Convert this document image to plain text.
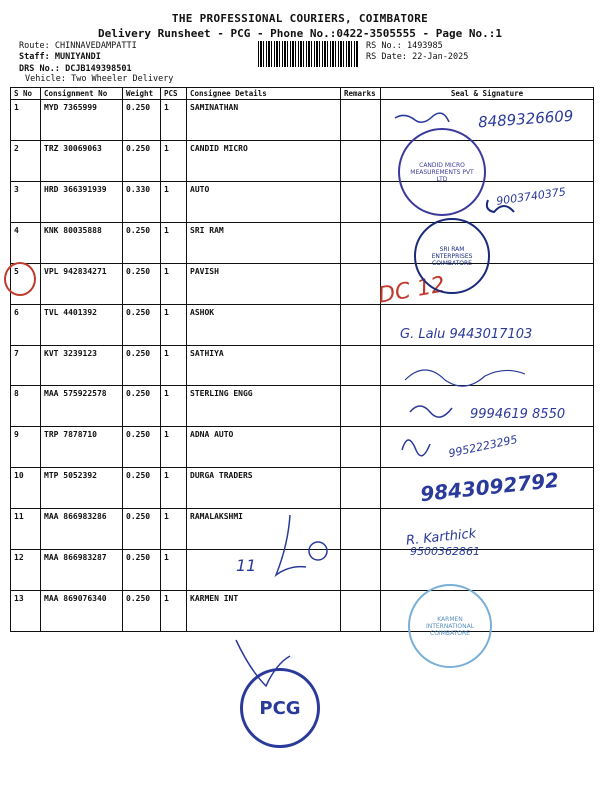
THE PROFESSIONAL COURIERS, COIMBATORE
Delivery Runsheet - PCG - Phone No.:0422-3505555 - Page No.:1
Route: CHINNAVEDAMPATTI
Staff: MUNIYANDI
DRS No.: DCJB149398501
Vehicle: Two Wheeler Delivery
RS No.: 1493985
RS Date: 22-Jan-2025
S No	Consignment No	Weight	PCS	Consignee Details	Remarks	Seal & Signature
1	MYD 7365999	0.250	1	SAMINATHAN		
2	TRZ 30069063	0.250	1	CANDID MICRO		
3	HRD 366391939	0.330	1	AUTO		
4	KNK 80035888	0.250	1	SRI RAM		
5	VPL 942834271	0.250	1	PAVISH		
6	TVL 4401392	0.250	1	ASHOK		
7	KVT 3239123	0.250	1	SATHIYA		
8	MAA 575922578	0.250	1	STERLING ENGG		
9	TRP 7878710	0.250	1	ADNA AUTO		
10	MTP 5052392	0.250	1	DURGA TRADERS		
11	MAA 866983286	0.250	1	RAMALAKSHMI		
12	MAA 866983287	0.250	1			
13	MAA 869076340	0.250	1	KARMEN INT		
8489326609
9003740375
DC 12
G. Lalu 9443017103
9994619 8550
9952223295
9843092792
R. Karthick
9500362861
11
CANDID MICRO MEASUREMENTS PVT LTD
SRI RAM ENTERPRISES COIMBATORE
KARMEN INTERNATIONAL COIMBATORE
PCG
